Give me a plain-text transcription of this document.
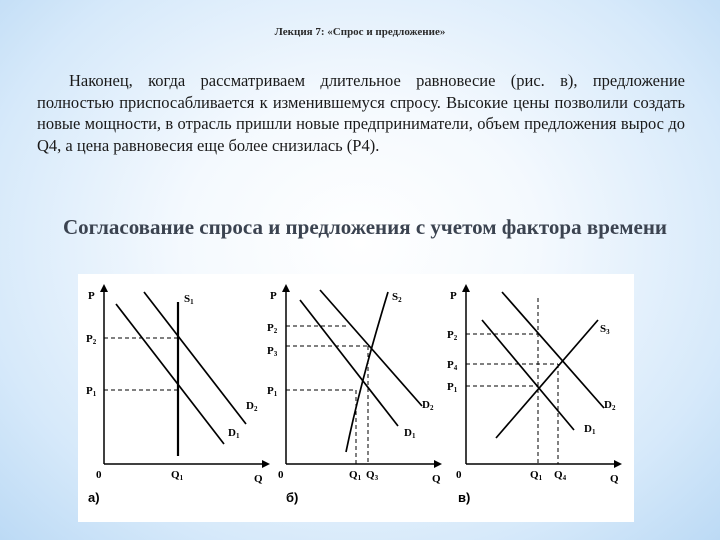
Лекция 7: «Спрос и предложение»
Наконец, когда рассматриваем длительное равновесие (рис. в), предложение полностью приспосабливается к изменившемуся спросу. Высокие цены позволили создать новые мощности, в отрасль пришли новые предприниматели, объем предложения вырос до Q4, а цена равновесия еще более снизилась (P4).
Согласование спроса и предложения с учетом фактора времени
P
P2
P1
0	Q1	Q
S1
D2
D1
а)
P
P2
P3
P1
0	Q1 Q3	Q
S2
D2
D1
б)
P
P2
P4
P1
0	Q1 Q4	Q
S3
D2
D1
в)
